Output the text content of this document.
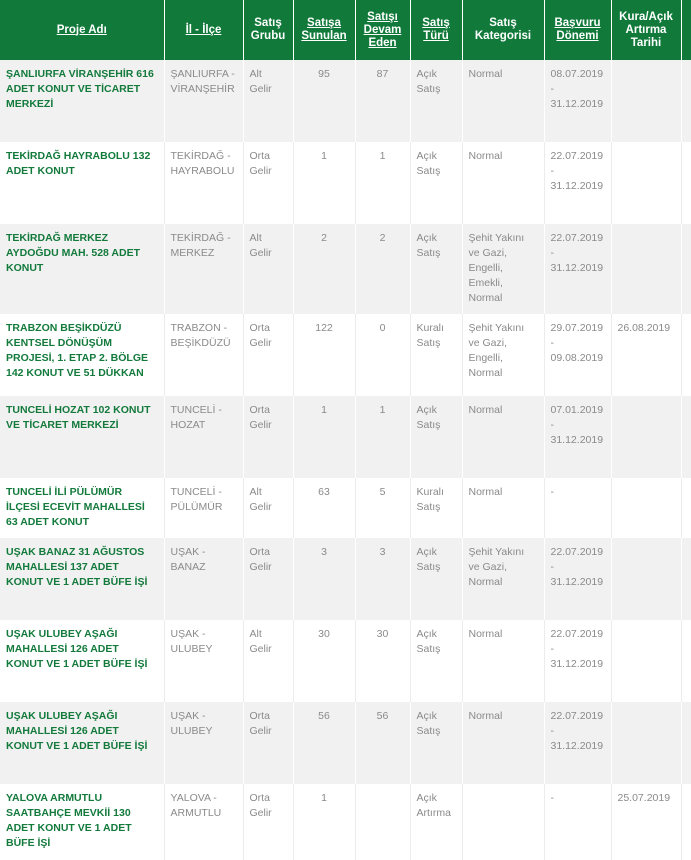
Proje Adı	İl - İlçe	Satış Grubu	Satışa Sunulan	Satışı Devam Eden	Satış Türü	Satış Kategorisi	Başvuru Dönemi	Kura/Açık Artırma Tarihi	
ŞANLIURFA VİRANŞEHİR 616 ADET KONUT VE TİCARET MERKEZİ	ŞANLIURFA - VİRANŞEHİR	Alt Gelir	95	87	Açık Satış	Normal	08.07.2019 - 31.12.2019		
TEKİRDAĞ HAYRABOLU 132 ADET KONUT	TEKİRDAĞ - HAYRABOLU	Orta Gelir	1	1	Açık Satış	Normal	22.07.2019 - 31.12.2019		
TEKİRDAĞ MERKEZ AYDOĞDU MAH. 528 ADET KONUT	TEKİRDAĞ - MERKEZ	Alt Gelir	2	2	Açık Satış	Şehit Yakını ve Gazi, Engelli, Emekli, Normal	22.07.2019 - 31.12.2019		
TRABZON BEŞİKDÜZÜ KENTSEL DÖNÜŞÜM PROJESİ, 1. ETAP 2. BÖLGE 142 KONUT VE 51 DÜKKAN	TRABZON - BEŞİKDÜZÜ	Orta Gelir	122	0	Kuralı Satış	Şehit Yakını ve Gazi, Engelli, Normal	29.07.2019 - 09.08.2019	26.08.2019	
TUNCELİ HOZAT 102 KONUT VE TİCARET MERKEZİ	TUNCELİ - HOZAT	Orta Gelir	1	1	Açık Satış	Normal	07.01.2019 - 31.12.2019		
TUNCELİ İLİ PÜLÜMÜR İLÇESİ ECEVİT MAHALLESİ 63 ADET KONUT	TUNCELİ - PÜLÜMÜR	Alt Gelir	63	5	Kuralı Satış	Normal	-		
UŞAK BANAZ 31 AĞUSTOS MAHALLESİ 137 ADET KONUT VE 1 ADET BÜFE İŞİ	UŞAK - BANAZ	Orta Gelir	3	3	Açık Satış	Şehit Yakını ve Gazi, Normal	22.07.2019 - 31.12.2019		
UŞAK ULUBEY AŞAĞI MAHALLESİ 126 ADET KONUT VE 1 ADET BÜFE İŞİ	UŞAK - ULUBEY	Alt Gelir	30	30	Açık Satış	Normal	22.07.2019 - 31.12.2019		
UŞAK ULUBEY AŞAĞI MAHALLESİ 126 ADET KONUT VE 1 ADET BÜFE İŞİ	UŞAK - ULUBEY	Orta Gelir	56	56	Açık Satış	Normal	22.07.2019 - 31.12.2019		
YALOVA ARMUTLU SAATBAHÇE MEVKİİ 130 ADET KONUT VE 1 ADET BÜFE İŞİ	YALOVA - ARMUTLU	Orta Gelir	1		Açık Artırma		-	25.07.2019	
